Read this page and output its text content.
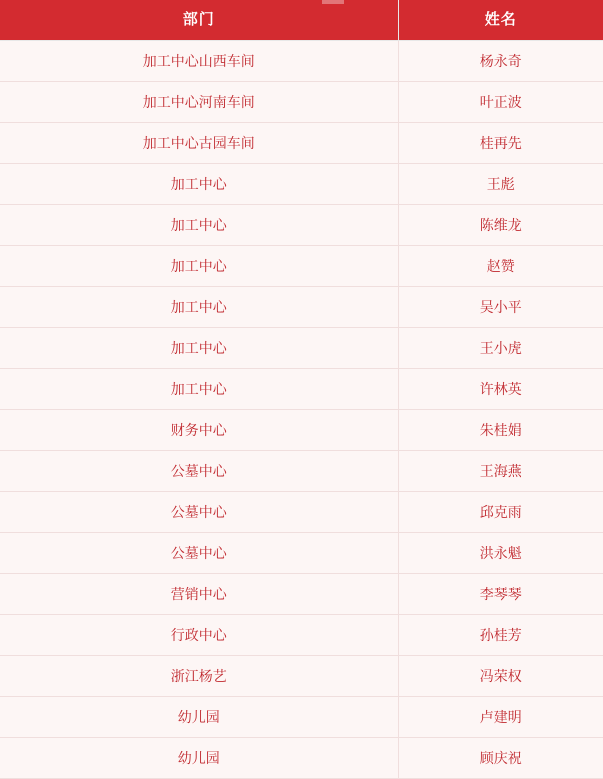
部门	姓名
加工中心山西车间	杨永奇
加工中心河南车间	叶正波
加工中心古园车间	桂再先
加工中心	王彪
加工中心	陈维龙
加工中心	赵赞
加工中心	吴小平
加工中心	王小虎
加工中心	许林英
财务中心	朱桂娟
公墓中心	王海燕
公墓中心	邱克雨
公墓中心	洪永魁
营销中心	李琴琴
行政中心	孙桂芳
浙江杨艺	冯荣权
幼儿园	卢建明
幼儿园	顾庆祝
